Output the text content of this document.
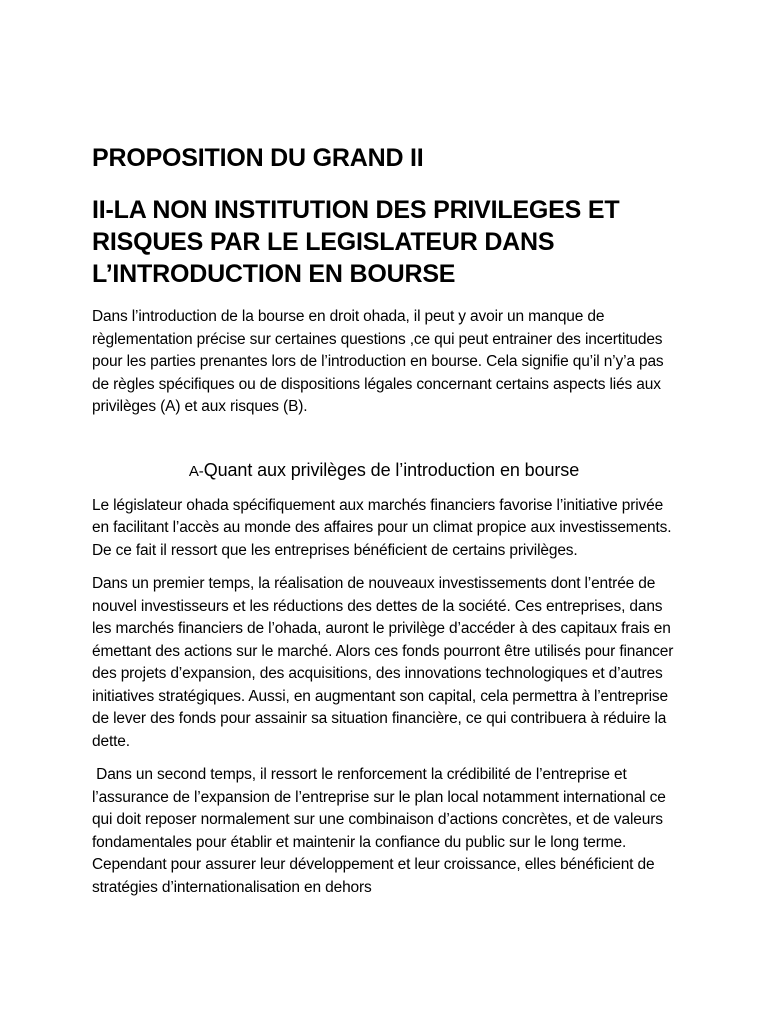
PROPOSITION DU GRAND II
II-LA NON INSTITUTION DES PRIVILEGES ET RISQUES PAR LE LEGISLATEUR DANS L’INTRODUCTION EN BOURSE

Dans l’introduction de la bourse en droit ohada, il peut y avoir un manque de règlementation précise sur certaines questions ,ce qui peut entrainer des incertitudes pour les parties prenantes lors de l’introduction en bourse. Cela signifie qu’il n’y’a pas de règles spécifiques ou de dispositions légales concernant certains aspects liés aux privilèges (A) et aux risques (B).

A-Quant aux privilèges de l’introduction en bourse

Le législateur ohada spécifiquement aux marchés financiers favorise l’initiative privée en facilitant l’accès au monde des affaires pour un climat propice aux investissements. De ce fait il ressort que les entreprises bénéficient de certains privilèges.

Dans un premier temps, la réalisation de nouveaux investissements dont l’entrée de nouvel investisseurs et les réductions des dettes de la société. Ces entreprises, dans les marchés financiers de l’ohada, auront le privilège d’accéder à des capitaux frais en émettant des actions sur le marché. Alors ces fonds pourront être utilisés pour financer des projets d’expansion, des acquisitions, des innovations technologiques et d’autres initiatives stratégiques. Aussi, en augmentant son capital, cela permettra à l’entreprise de lever des fonds pour assainir sa situation financière, ce qui contribuera à réduire la dette.

Dans un second temps, il ressort le renforcement la crédibilité de l’entreprise et l’assurance de l’expansion de l’entreprise sur le plan local notamment international ce qui doit reposer normalement sur une combinaison d’actions concrètes, et de valeurs fondamentales pour établir et maintenir la confiance du public sur le long terme. Cependant pour assurer leur développement et leur croissance, elles bénéficient de stratégies d’internationalisation en dehors
